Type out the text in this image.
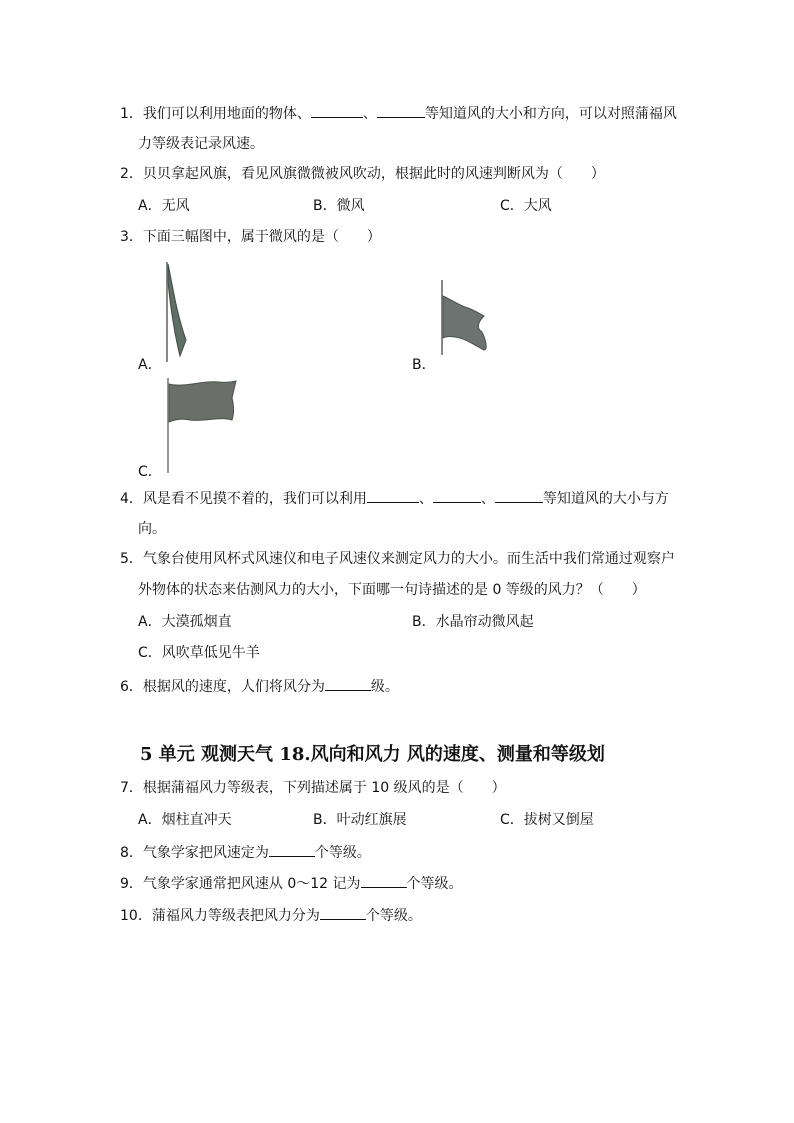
1．我们可以利用地面的物体、	、	等知道风的大小和方向，可以对照蒲福风
力等级表记录风速。
2．贝贝拿起风旗，看见风旗微微被风吹动，根据此时的风速判断风为（　　）
A．无风	B．微风	C．大风
3．下面三幅图中，属于微风的是（　　）
A．	B．
C．
4．风是看不见摸不着的，我们可以利用	、	、	等知道风的大小与方
向。
5．气象台使用风杯式风速仪和电子风速仪来测定风力的大小。而生活中我们常通过观察户
外物体的状态来估测风力的大小，下面哪一句诗描述的是 0 等级的风力？（　　）
A．大漠孤烟直	B．水晶帘动微风起
C．风吹草低见牛羊
6．根据风的速度，人们将风分为	级。
5 单元 观测天气 18.风向和风力 风的速度、测量和等级划
7．根据蒲福风力等级表，下列描述属于 10 级风的是（　　）
A．烟柱直冲天	B．叶动红旗展	C．拔树又倒屋
8．气象学家把风速定为	个等级。
9．气象学家通常把风速从 0～12 记为	个等级。
10．蒲福风力等级表把风力分为	个等级。
